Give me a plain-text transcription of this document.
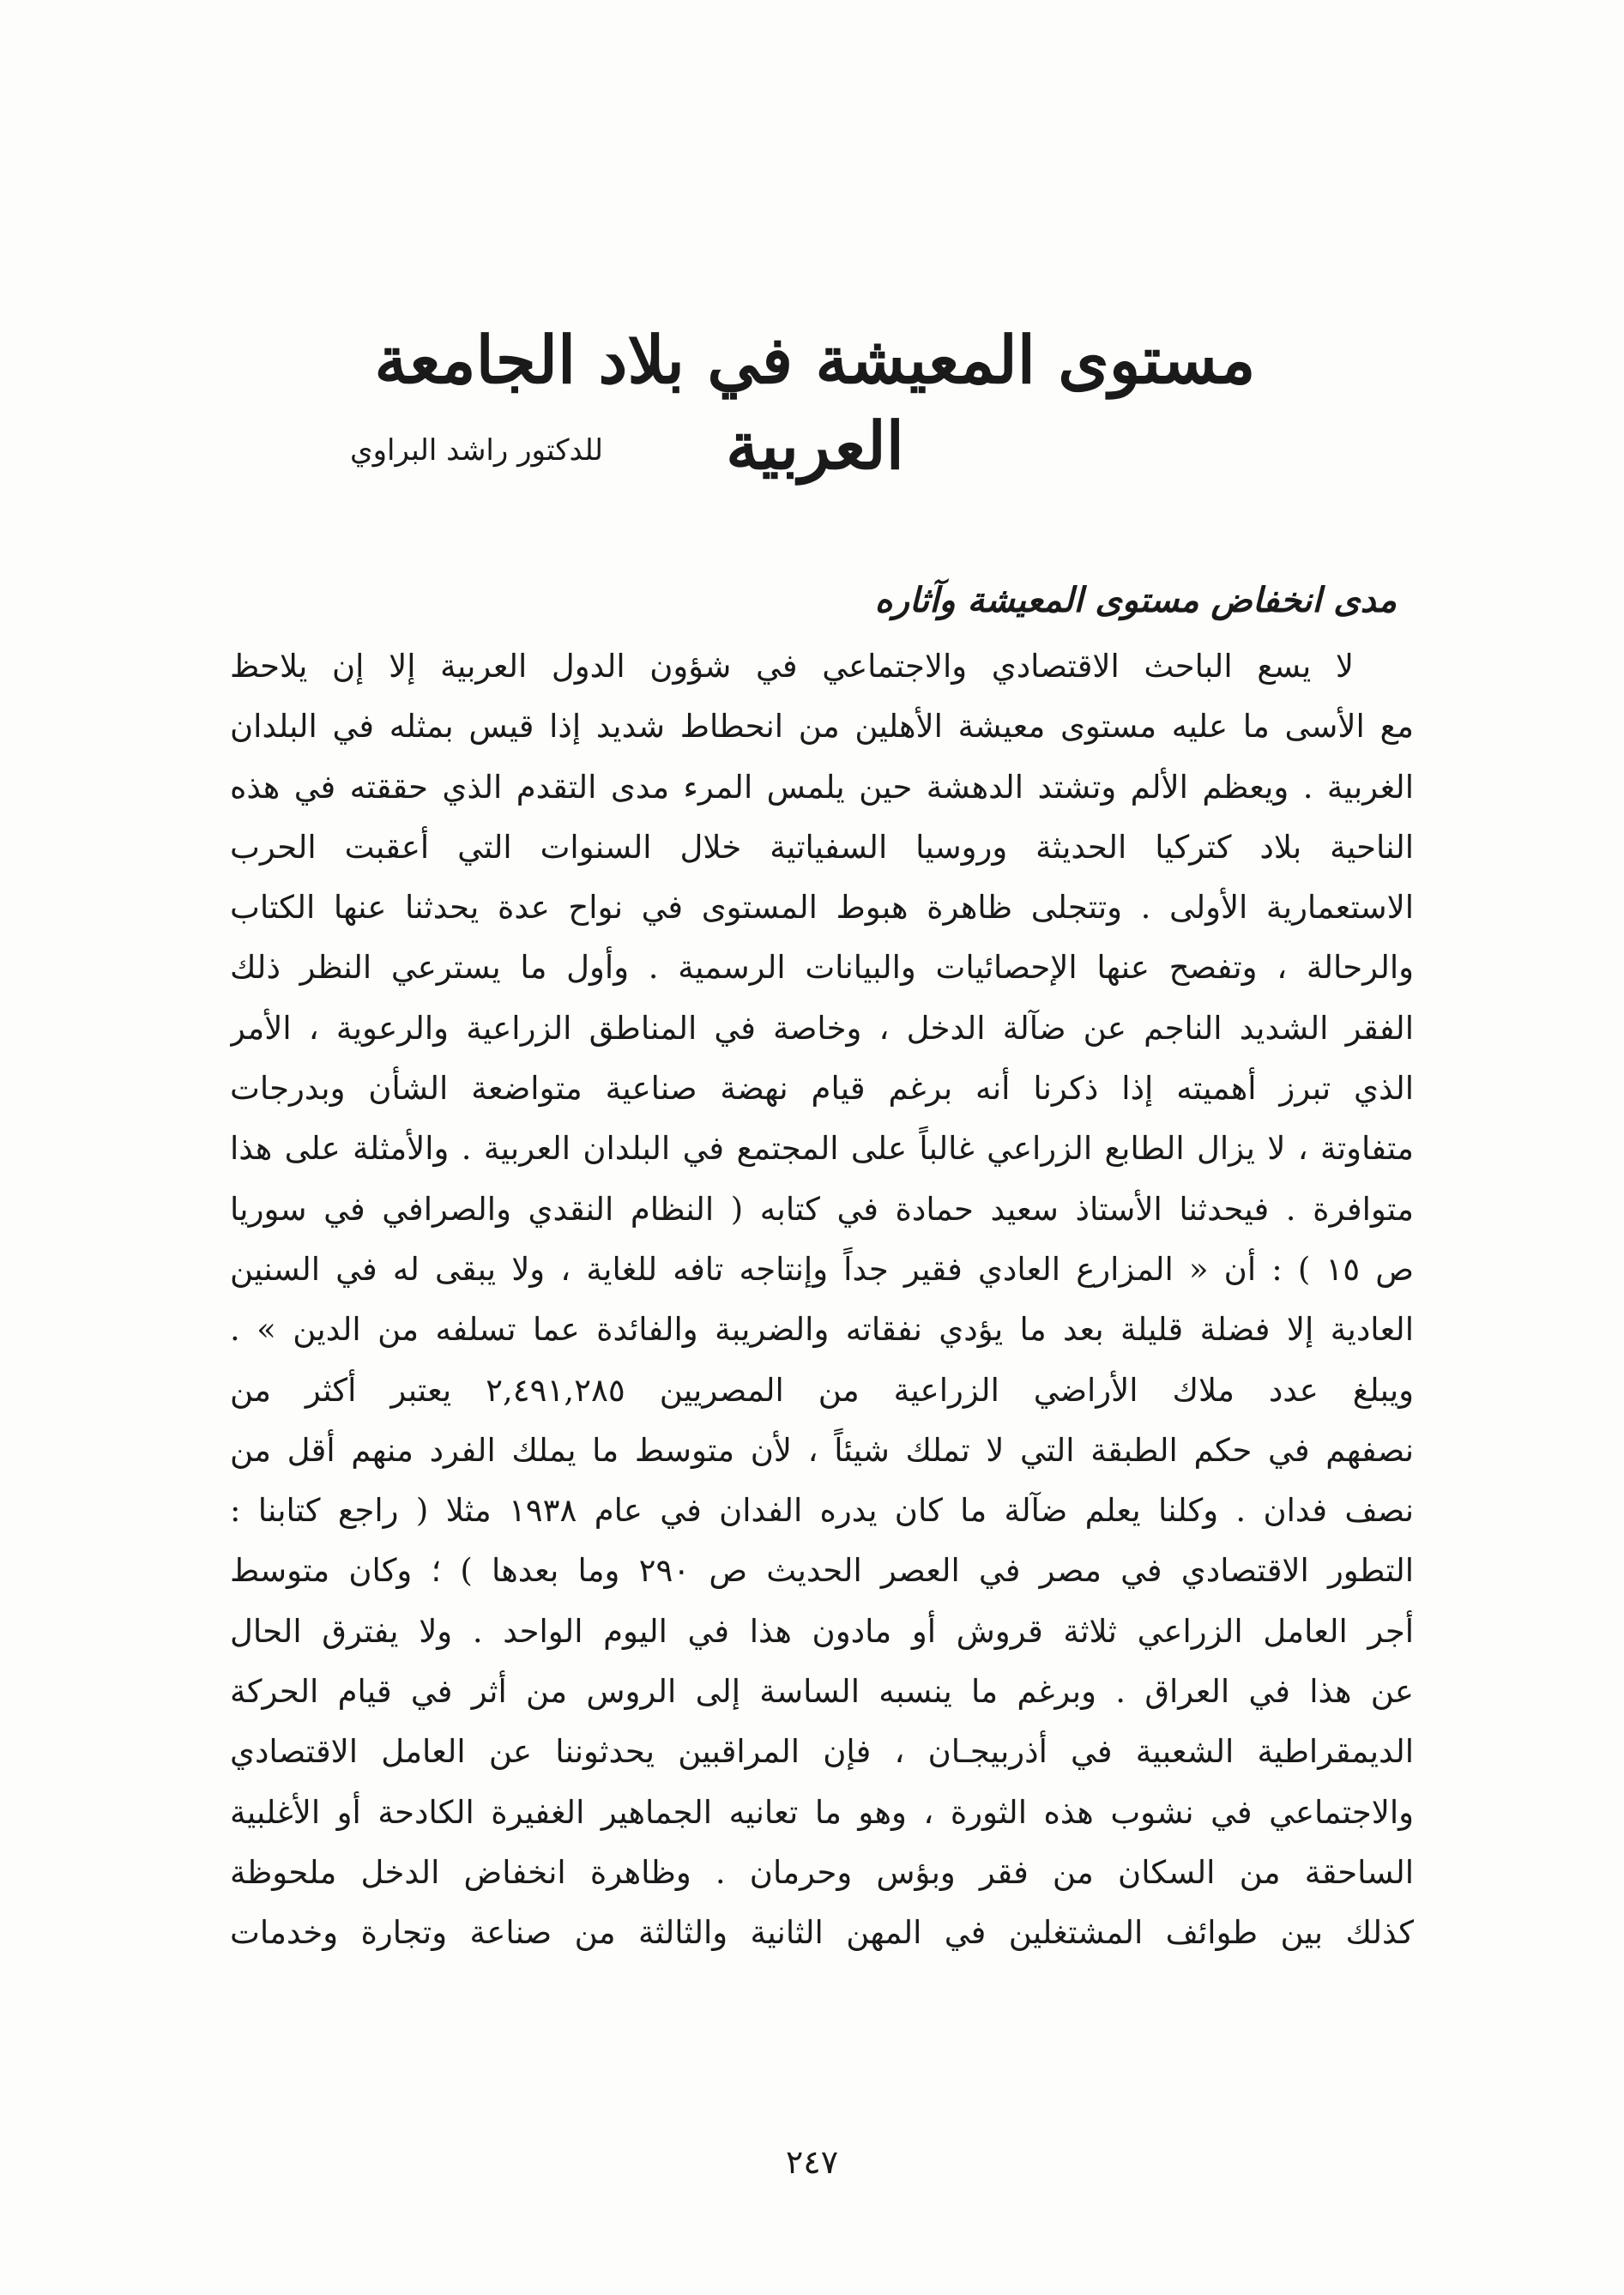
مستوى المعيشة في بلاد الجامعة العربية
للدكتور راشد البراوي
مدى انخفاض مستوى المعيشة وآثاره
لا يسع الباحث الاقتصادي والاجتماعي في شؤون الدول العربية إلا إن يلاحظ
مع الأسى ما عليه مستوى معيشة الأهلين من انحطاط شديد إذا قيس بمثله في البلدان
الغربية . ويعظم الألم وتشتد الدهشة حين يلمس المرء مدى التقدم الذي حققته في هذه
الناحية بلاد كتركيا الحديثة وروسيا السفياتية خلال السنوات التي أعقبت الحرب
الاستعمارية الأولى . وتتجلى ظاهرة هبوط المستوى في نواح عدة يحدثنا عنها الكتاب
والرحالة ، وتفصح عنها الإحصائيات والبيانات الرسمية . وأول ما يسترعي النظر ذلك
الفقر الشديد الناجم عن ضآلة الدخل ، وخاصة في المناطق الزراعية والرعوية ، الأمر
الذي تبرز أهميته إذا ذكرنا أنه برغم قيام نهضة صناعية متواضعة الشأن وبدرجات
متفاوتة ، لا يزال الطابع الزراعي غالباً على المجتمع في البلدان العربية . والأمثلة على هذا
متوافرة . فيحدثنا الأستاذ سعيد حمادة في كتابه ( النظام النقدي والصرافي في سوريا
ص ١٥ ) : أن « المزارع العادي فقير جداً وإنتاجه تافه للغاية ، ولا يبقى له في السنين
العادية إلا فضلة قليلة بعد ما يؤدي نفقاته والضريبة والفائدة عما تسلفه من الدين » .
ويبلغ عدد ملاك الأراضي الزراعية من المصريين ٢,٤٩١,٢٨٥ يعتبر أكثر من
نصفهم في حكم الطبقة التي لا تملك شيئاً ، لأن متوسط ما يملك الفرد منهم أقل من
نصف فدان . وكلنا يعلم ضآلة ما كان يدره الفدان في عام ١٩٣٨ مثلا ( راجع كتابنا :
التطور الاقتصادي في مصر في العصر الحديث ص ٢٩٠ وما بعدها ) ؛ وكان متوسط
أجر العامل الزراعي ثلاثة قروش أو مادون هذا في اليوم الواحد . ولا يفترق الحال
عن هذا في العراق . وبرغم ما ينسبه الساسة إلى الروس من أثر في قيام الحركة
الديمقراطية الشعبية في أذربيجـان ، فإن المراقبين يحدثوننا عن العامل الاقتصادي
والاجتماعي في نشوب هذه الثورة ، وهو ما تعانيه الجماهير الغفيرة الكادحة أو الأغلبية
الساحقة من السكان من فقر وبؤس وحرمان . وظاهرة انخفاض الدخل ملحوظة
كذلك بين طوائف المشتغلين في المهن الثانية والثالثة من صناعة وتجارة وخدمات
٢٤٧
